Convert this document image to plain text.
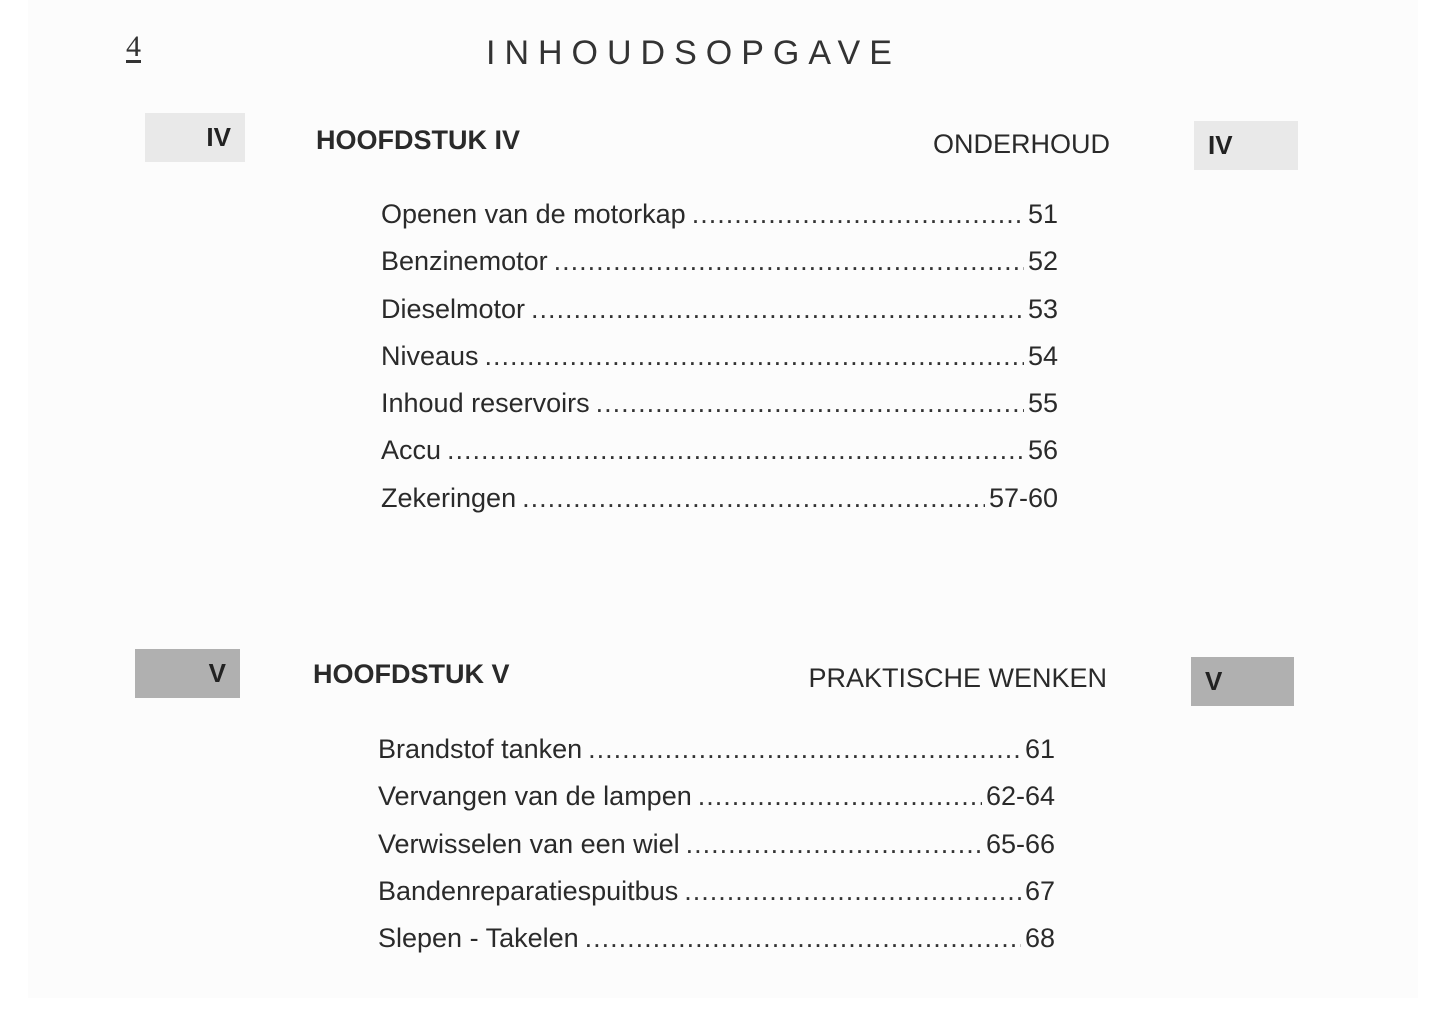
4	INHOUDSOPGAVE
IV	HOOFDSTUK IV	ONDERHOUD	IV
Openen van de motorkap .....	51
Benzinemotor .....	52
Dieselmotor .....	53
Niveaus .....	54
Inhoud reservoirs .....	55
Accu .....	56
Zekeringen .....	57-60
V	HOOFDSTUK V	PRAKTISCHE WENKEN	V
Brandstof tanken .....	61
Vervangen van de lampen .....	62-64
Verwisselen van een wiel .....	65-66
Bandenreparatiespuitbus .....	67
Slepen - Takelen .....	68
